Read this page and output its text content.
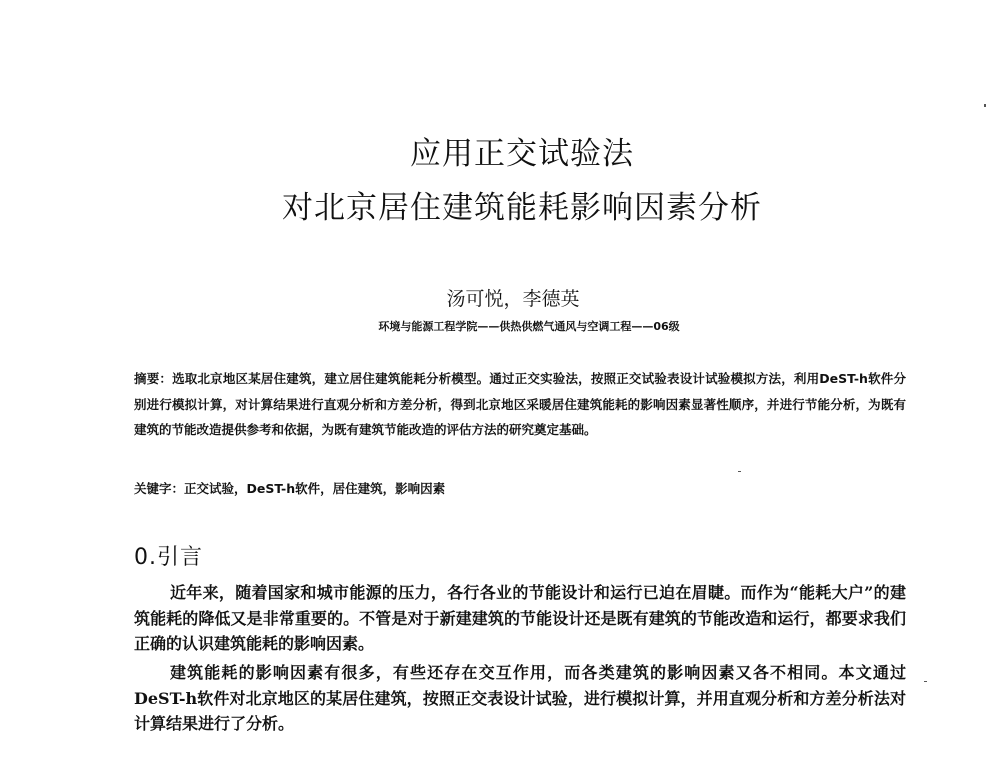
应用正交试验法
对北京居住建筑能耗影响因素分析
汤可悦，李德英
环境与能源工程学院——供热供燃气通风与空调工程——06级
摘要：选取北京地区某居住建筑，建立居住建筑能耗分析模型。通过正交实验法，按照正交试验表设计试验模拟方法，利用DeST-h软件分别进行模拟计算，对计算结果进行直观分析和方差分析，得到北京地区采暖居住建筑能耗的影响因素显著性顺序，并进行节能分析，为既有建筑的节能改造提供参考和依据，为既有建筑节能改造的评估方法的研究奠定基础。
关键字：正交试验，DeST-h软件，居住建筑，影响因素
0.引言
近年来，随着国家和城市能源的压力，各行各业的节能设计和运行已迫在眉睫。而作为“能耗大户”的建筑能耗的降低又是非常重要的。不管是对于新建建筑的节能设计还是既有建筑的节能改造和运行，都要求我们正确的认识建筑能耗的影响因素。
建筑能耗的影响因素有很多，有些还存在交互作用，而各类建筑的影响因素又各不相同。本文通过DeST-h软件对北京地区的某居住建筑，按照正交表设计试验，进行模拟计算，并用直观分析和方差分析法对计算结果进行了分析。
